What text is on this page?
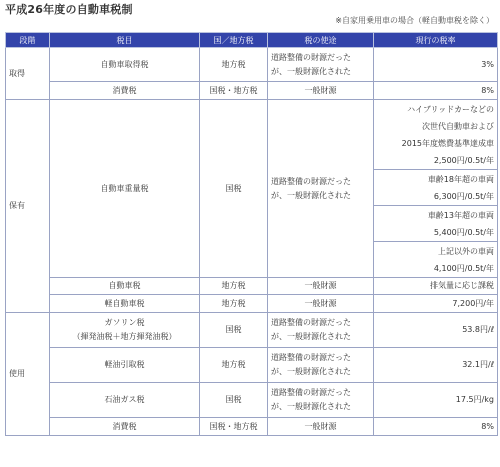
平成26年度の自動車税制
※自家用乗用車の場合（軽自動車税を除く）
段階	税目	国／地方税	税の使途	現行の税率
取得	自動車取得税	地方税	道路整備の財源だった
が、一般財源化された	3%
	消費税	国税・地方税	一般財源	8%
保有	自動車重量税	国税	道路整備の財源だった
が、一般財源化された	ハイブリッドカーなどの
次世代自動車および
2015年度燃費基準達成車
2,500円/0.5t/年
				車齢18年超の車両
6,300円/0.5t/年
				車齢13年超の車両
5,400円/0.5t/年
				上記以外の車両
4,100円/0.5t/年
	自動車税	地方税	一般財源	排気量に応じ課税
	軽自動車税	地方税	一般財源	7,200円/年
使用	ガソリン税
（揮発油税＋地方揮発油税）	国税	道路整備の財源だった
が、一般財源化された	53.8円/ℓ
	軽油引取税	地方税	道路整備の財源だった
が、一般財源化された	32.1円/ℓ
	石油ガス税	国税	道路整備の財源だった
が、一般財源化された	17.5円/kg
	消費税	国税・地方税	一般財源	8%
